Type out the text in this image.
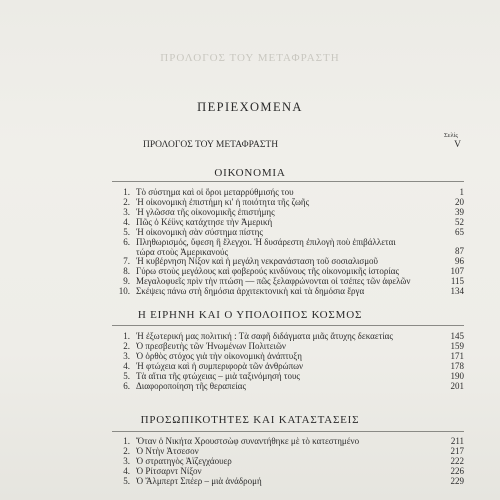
ΠΡΟΛΟΓΟΣ ΤΟΥ ΜΕΤΑΦΡΑΣΤΗ
ΠΕΡΙΕΧΟΜΕΝΑ
Σελίς
ΠΡΟΛΟΓΟΣ ΤΟΥ ΜΕΤΑΦΡΑΣΤΗ	V
ΟΙΚΟΝΟΜΙΑ
1. Τὸ σύστημα καὶ οἱ ὅροι μεταρρύθμισής του	1
2. Ἡ οἰκονομικὴ ἐπιστήμη κι' ἡ ποιότητα τῆς ζωῆς	20
3. Ἡ γλῶσσα τῆς οἰκονομικῆς ἐπιστήμης	39
4. Πῶς ὁ Κέϋνς κατάχτησε τὴν Ἀμερική	52
5. Ἡ οἰκονομικὴ σὰν σύστημα πίστης	65
6. Πληθωρισμός, ὕφεση ἢ ἔλεγχοι. Ἡ δυσάρεστη ἐπιλογὴ ποὺ ἐπιβάλλεται
τώρα στοὺς Ἀμερικανούς	87
7. Ἡ κυβέρνηση Νίξον καὶ ἡ μεγάλη νεκρανάσταση τοῦ σοσιαλισμοῦ	96
8. Γύρω στοὺς μεγάλους καὶ φοβερούς κινδύνους τῆς οἰκονομικῆς ἱστορίας	107
9. Μεγαλοφυεῖς πρὶν τὴν πτώση — πῶς ξελαφρώνονται οἱ τσέπες τῶν ἀφελῶν	115
10. Σκέψεις πάνω στὴ δημόσια ἀρχιτεκτονικὴ καὶ τὰ δημόσια ἔργα	134
Η ΕΙΡΗΝΗ ΚΑΙ Ο ΥΠΟΛΟΙΠΟΣ ΚΟΣΜΟΣ
1. Ἡ ἐξωτερική μας πολιτική : Τὰ σαφῆ διδάγματα μιᾶς ἄτυχης δεκαετίας	145
2. Ὁ πρεσβευτὴς τῶν Ἠνωμένων Πολιτειῶν	159
3. Ὁ ὀρθὸς στόχος γιὰ τὴν οἰκονομικὴ ἀνάπτυξη	171
4. Ἡ φτώχεια καὶ ἡ συμπεριφορὰ τῶν ἀνθρώπων	178
5. Τὰ αἴτια τῆς φτώχειας – μιὰ ταξινόμησή τους	190
6. Διαφοροποίηση τῆς θεραπείας	201
ΠΡΟΣΩΠΙΚΟΤΗΤΕΣ ΚΑΙ ΚΑΤΑΣΤΑΣΕΙΣ
1. Ὅταν ὁ Νικήτα Χρουστσὼφ συναντήθηκε μὲ τὸ κατεστημένο	211
2. Ὁ Ντὴν Ἀτσεσον	217
3. Ὁ στρατηγὸς Ἀϊζεγχάουερ	222
4. Ὁ Ρίτσαρντ Νίξον	226
5. Ὁ Ἄλμπερτ Σπέερ – μιὰ ἀνάδρομή	229
